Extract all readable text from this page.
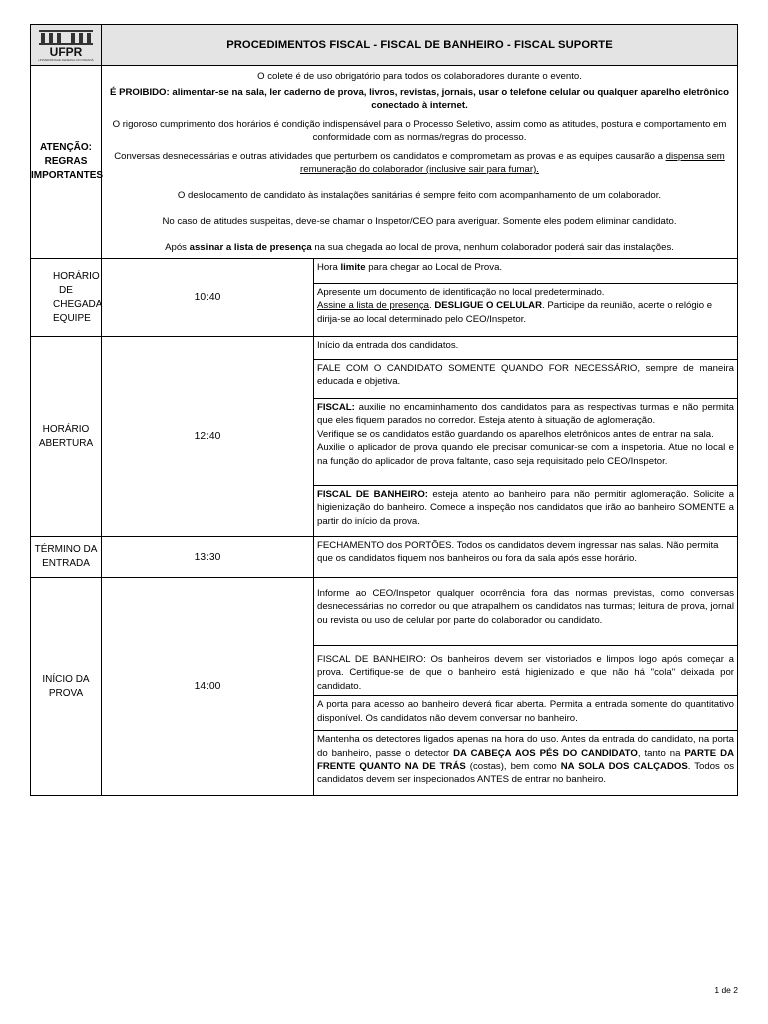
UFPR
UNIVERSIDADE FEDERAL DO PARANÁ
	PROCEDIMENTOS FISCAL - FISCAL DE BANHEIRO - FISCAL SUPORTE

ATENÇÃO:
REGRAS IMPORTANTES

O colete é de uso obrigatório para todos os colaboradores durante o evento.

É PROIBIDO: alimentar-se na sala, ler caderno de prova, livros, revistas, jornais, usar o telefone celular ou qualquer aparelho eletrônico conectado à internet.

O rigoroso cumprimento dos horários é condição indispensável para o Processo Seletivo, assim como as atitudes, postura e comportamento em conformidade com as normas/regras do processo.

Conversas desnecessárias e outras atividades que perturbem os candidatos e comprometam as provas e as equipes causarão a dispensa sem remuneração do colaborador (inclusive sair para fumar).

O deslocamento de candidato às instalações sanitárias é sempre feito com acompanhamento de um colaborador.

No caso de atitudes suspeitas, deve-se chamar o Inspetor/CEO para averiguar. Somente eles podem eliminar candidato.

Após assinar a lista de presença na sua chegada ao local de prova, nenhum colaborador poderá sair das instalações.

HORÁRIO DE CHEGADA EQUIPE	10:40	
Hora limite para chegar ao Local de Prova.
Apresente um documento de identificação no local predeterminado.
Assine a lista de presença. DESLIGUE O CELULAR. Participe da reunião, acerte o relógio e dirija-se ao local determinado pelo CEO/Inspetor.

HORÁRIO ABERTURA	12:40	
Início da entrada dos candidatos.
FALE COM O CANDIDATO SOMENTE QUANDO FOR NECESSÁRIO, sempre de maneira educada e objetiva.
FISCAL: auxilie no encaminhamento dos candidatos para as respectivas turmas e não permita que eles fiquem parados no corredor. Esteja atento à situação de aglomeração.
Verifique se os candidatos estão guardando os aparelhos eletrônicos antes de entrar na sala.
Auxilie o aplicador de prova quando ele precisar comunicar-se com a inspetoria. Atue no local e na função do aplicador de prova faltante, caso seja requisitado pelo CEO/Inspetor.
FISCAL DE BANHEIRO: esteja atento ao banheiro para não permitir aglomeração. Solicite a higienização do banheiro. Comece a inspeção nos candidatos que irão ao banheiro SOMENTE a partir do início da prova.

TÉRMINO DA ENTRADA	13:30	
FECHAMENTO dos PORTÕES. Todos os candidatos devem ingressar nas salas. Não permita que os candidatos fiquem nos banheiros ou fora da sala após esse horário.

INÍCIO DA PROVA	14:00	
Informe ao CEO/Inspetor qualquer ocorrência fora das normas previstas, como conversas desnecessárias no corredor ou que atrapalhem os candidatos nas turmas; leitura de prova, jornal ou revista ou uso de celular por parte do colaborador ou candidato.
FISCAL DE BANHEIRO: Os banheiros devem ser vistoriados e limpos logo após começar a prova. Certifique-se de que o banheiro está higienizado e que não há "cola" deixada por candidato.
A porta para acesso ao banheiro deverá ficar aberta. Permita a entrada somente do quantitativo disponível. Os candidatos não devem conversar no banheiro.
Mantenha os detectores ligados apenas na hora do uso. Antes da entrada do candidato, na porta do banheiro, passe o detector DA CABEÇA AOS PÉS DO CANDIDATO, tanto na PARTE DA FRENTE QUANTO NA DE TRÁS (costas), bem como NA SOLA DOS CALÇADOS. Todos os candidatos devem ser inspecionados ANTES de entrar no banheiro.
1 de 2
